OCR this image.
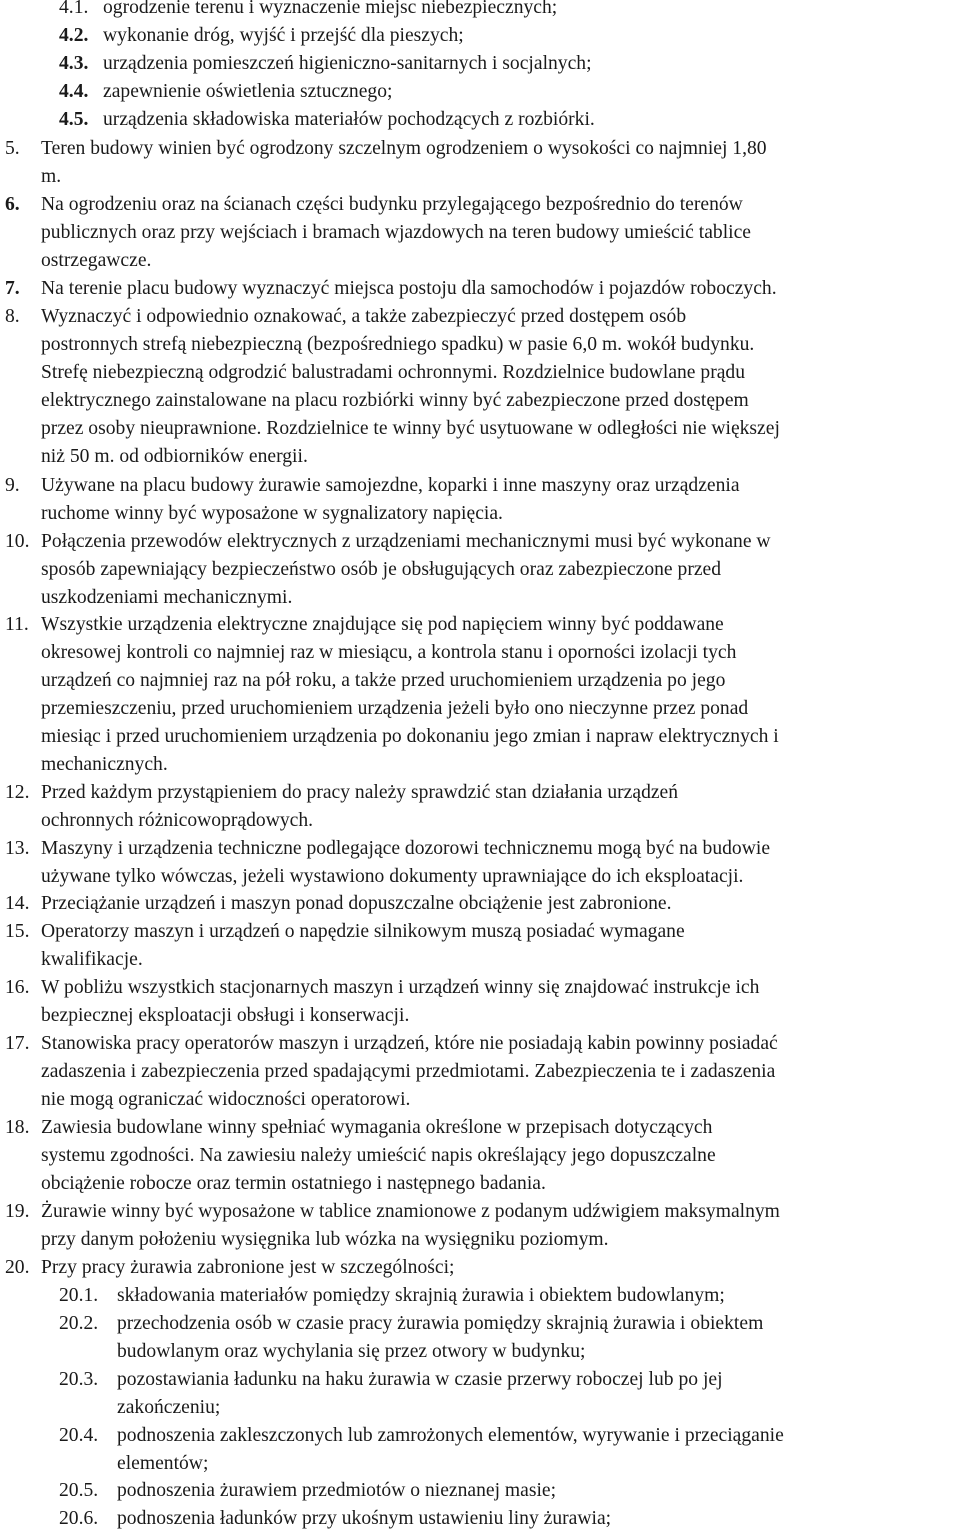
4.1. ogrodzenie terenu i wyznaczenie miejsc niebezpiecznych;
4.2. wykonanie dróg, wyjść i przejść dla pieszych;
4.3. urządzenia pomieszczeń higieniczno-sanitarnych i socjalnych;
4.4. zapewnienie oświetlenia sztucznego;
4.5. urządzenia składowiska materiałów pochodzących z rozbiórki.
5. Teren budowy winien być ogrodzony szczelnym ogrodzeniem o wysokości co najmniej 1,80
m.
6. Na ogrodzeniu oraz na ścianach części budynku przylegającego bezpośrednio do terenów
publicznych oraz przy wejściach i bramach wjazdowych na teren budowy umieścić tablice
ostrzegawcze.
7. Na terenie placu budowy wyznaczyć miejsca postoju dla samochodów i pojazdów roboczych.
8. Wyznaczyć i odpowiednio oznakować, a także zabezpieczyć przed dostępem osób
postronnych strefą niebezpieczną (bezpośredniego spadku) w pasie 6,0 m. wokół budynku.
Strefę niebezpieczną odgrodzić balustradami ochronnymi. Rozdzielnice budowlane prądu
elektrycznego zainstalowane na placu rozbiórki winny być zabezpieczone przed dostępem
przez osoby nieuprawnione. Rozdzielnice te winny być usytuowane w odległości nie większej
niż 50 m. od odbiorników energii.
9. Używane na placu budowy żurawie samojezdne, koparki i inne maszyny oraz urządzenia
ruchome winny być wyposażone w sygnalizatory napięcia.
10. Połączenia przewodów elektrycznych z urządzeniami mechanicznymi musi być wykonane w
sposób zapewniający bezpieczeństwo osób je obsługujących oraz zabezpieczone przed
uszkodzeniami mechanicznymi.
11. Wszystkie urządzenia elektryczne znajdujące się pod napięciem winny być poddawane
okresowej kontroli co najmniej raz w miesiącu, a kontrola stanu i oporności izolacji tych
urządzeń co najmniej raz na pół roku, a także przed uruchomieniem urządzenia po jego
przemieszczeniu, przed uruchomieniem urządzenia jeżeli było ono nieczynne przez ponad
miesiąc i przed uruchomieniem urządzenia po dokonaniu jego zmian i napraw elektrycznych i
mechanicznych.
12. Przed każdym przystąpieniem do pracy należy sprawdzić stan działania urządzeń
ochronnych różnicowoprądowych.
13. Maszyny i urządzenia techniczne podlegające dozorowi technicznemu mogą być na budowie
używane tylko wówczas, jeżeli wystawiono dokumenty uprawniające do ich eksploatacji.
14. Przeciążanie urządzeń i maszyn ponad dopuszczalne obciążenie jest zabronione.
15. Operatorzy maszyn i urządzeń o napędzie silnikowym muszą posiadać wymagane
kwalifikacje.
16. W pobliżu wszystkich stacjonarnych maszyn i urządzeń winny się znajdować instrukcje ich
bezpiecznej eksploatacji obsługi i konserwacji.
17. Stanowiska pracy operatorów maszyn i urządzeń, które nie posiadają kabin powinny posiadać
zadaszenia i zabezpieczenia przed spadającymi przedmiotami. Zabezpieczenia te i zadaszenia
nie mogą ograniczać widoczności operatorowi.
18. Zawiesia budowlane winny spełniać wymagania określone w przepisach dotyczących
systemu zgodności. Na zawiesiu należy umieścić napis określający jego dopuszczalne
obciążenie robocze oraz termin ostatniego i następnego badania.
19. Żurawie winny być wyposażone w tablice znamionowe z podanym udźwigiem maksymalnym
przy danym położeniu wysięgnika lub wózka na wysięgniku poziomym.
20. Przy pracy żurawia zabronione jest w szczególności;
20.1. składowania materiałów pomiędzy skrajnią żurawia i obiektem budowlanym;
20.2. przechodzenia osób w czasie pracy żurawia pomiędzy skrajnią żurawia i obiektem
budowlanym oraz wychylania się przez otwory w budynku;
20.3. pozostawiania ładunku na haku żurawia w czasie przerwy roboczej lub po jej
zakończeniu;
20.4. podnoszenia zakleszczonych lub zamrożonych elementów, wyrywanie i przeciąganie
elementów;
20.5. podnoszenia żurawiem przedmiotów o nieznanej masie;
20.6. podnoszenia ładunków przy ukośnym ustawieniu liny żurawia;
